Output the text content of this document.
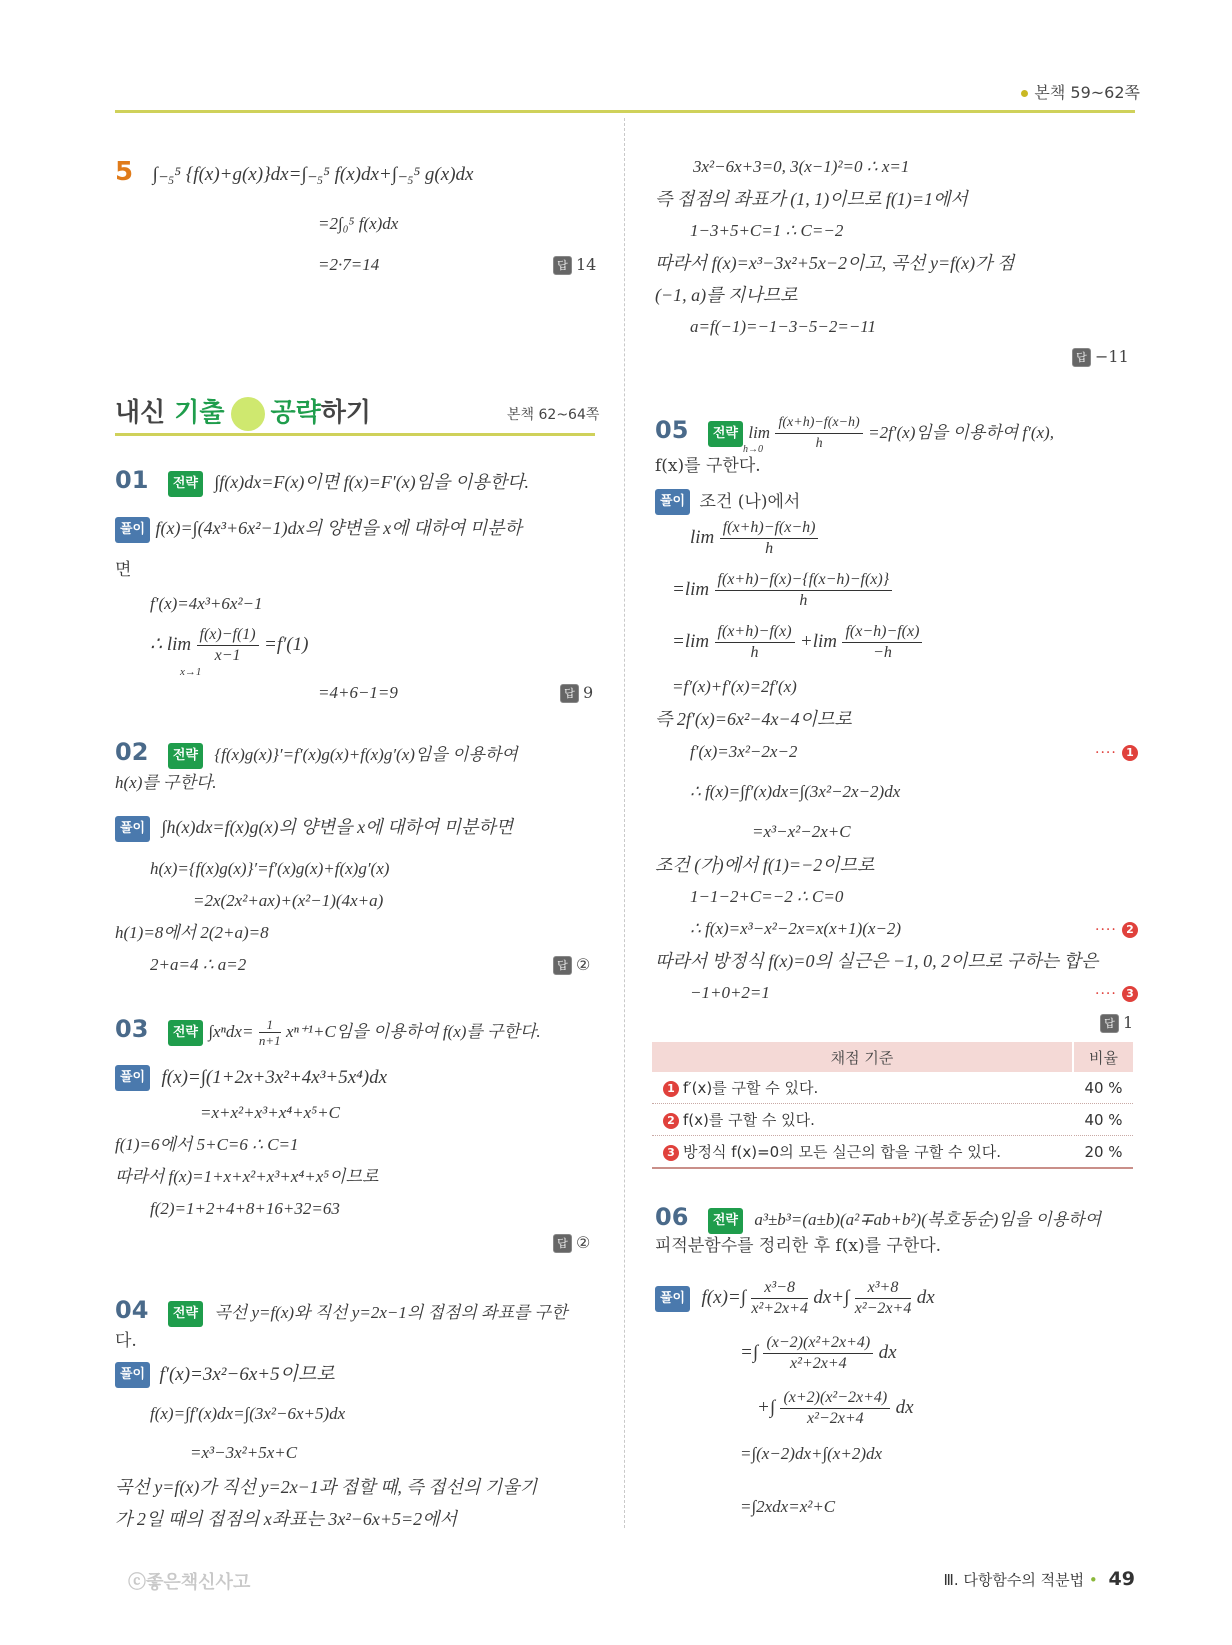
본책 59~62쪽
5 ∫₋₅⁵ {f(x)+g(x)}dx=∫₋₅⁵ f(x)dx+∫₋₅⁵ g(x)dx
=2∫₀⁵ f(x)dx
=2·7=14	답 14
내신 기출 공략하기	본책 62~64쪽
01 전략 ∫f(x)dx=F(x)이면 f(x)=F′(x)임을 이용한다.
풀이 f(x)=∫(4x³+6x²−1)dx의 양변을 x에 대하여 미분하
면
f′(x)=4x³+6x²−1
∴ $\lim \frac{f(x)-f(1)}{x-1} =f'(1)$
x→1
=4+6−1=9	답 9
02 전략 {f(x)g(x)}′=f′(x)g(x)+f(x)g′(x)임을 이용하여
h(x)를 구한다.
풀이 ∫h(x)dx=f(x)g(x)의 양변을 x에 대하여 미분하면
h(x)={f(x)g(x)}′=f′(x)g(x)+f(x)g′(x)
=2x(2x²+ax)+(x²−1)(4x+a)
h(1)=8에서 2(2+a)=8
2+a=4 ∴ a=2	답 ②
03 전략 $\int x^ndx= \frac{1}{n+1} x^{n+1}+C$임을 이용하여 f(x)를 구한다.
풀이 f(x)=∫(1+2x+3x²+4x³+5x⁴)dx
=x+x²+x³+x⁴+x⁵+C
f(1)=6에서 5+C=6 ∴ C=1
따라서 f(x)=1+x+x²+x³+x⁴+x⁵이므로
f(2)=1+2+4+8+16+32=63
답 ②
04 전략 곡선 y=f(x)와 직선 y=2x−1의 접점의 좌표를 구한
다.
풀이 f′(x)=3x²−6x+5이므로
f(x)=∫f′(x)dx=∫(3x²−6x+5)dx
=x³−3x²+5x+C
곡선 y=f(x)가 직선 y=2x−1과 접할 때, 즉 접선의 기울기
가 2일 때의 접점의 x좌표는 3x²−6x+5=2에서
3x²−6x+3=0, 3(x−1)²=0 ∴ x=1
즉 접점의 좌표가 (1, 1)이므로 f(1)=1에서
1−3+5+C=1 ∴ C=−2
따라서 f(x)=x³−3x²+5x−2이고, 곡선 y=f(x)가 점
(−1, a)를 지나므로
a=f(−1)=−1−3−5−2=−11
답 −11
05 전략 $\lim \frac{f(x+h)-f(x-h)}{h} =2f'(x)$임을 이용하여 f′(x),
h→0
f(x)를 구한다.
풀이 조건 (나)에서
$\lim \frac{f(x+h)-f(x-h)}{h}$
$=\lim \frac{f(x+h)-f(x)-\{f(x-h)-f(x)\}}{h}$
$=\lim \frac{f(x+h)-f(x)}{h} +\lim \frac{f(x-h)-f(x)}{-h}$
=f′(x)+f′(x)=2f′(x)
즉 2f′(x)=6x²−4x−4이므로
f′(x)=3x²−2x−2	···· 1
∴ f(x)=∫f′(x)dx=∫(3x²−2x−2)dx
=x³−x²−2x+C
조건 (가)에서 f(1)=−2이므로
1−1−2+C=−2 ∴ C=0
∴ f(x)=x³−x²−2x=x(x+1)(x−2)	···· 2
따라서 방정식 f(x)=0의 실근은 −1, 0, 2이므로 구하는 합은
−1+0+2=1	···· 3
답 1
채점 기준	비율
1 f′(x)를 구할 수 있다.	40 %
2 f(x)를 구할 수 있다.	40 %
3 방정식 f(x)=0의 모든 실근의 합을 구할 수 있다.	20 %
06 전략 a³±b³=(a±b)(a²∓ab+b²)(복호동순)임을 이용하여
피적분함수를 정리한 후 f(x)를 구한다.
풀이 $f(x)=\int \frac{\text{x³−8}}{\text{x²+2x+4}} dx+\int \frac{\text{x³+8}}{\text{x²−2x+4}}$ dx
=∫ $\frac{\text{(x−2)(x²+2x+4)}}{\text{x²+2x+4}}$ dx
+∫ $\frac{\text{(x+2)(x²−2x+4)}}{\text{x²−2x+4}}$ dx
=∫(x−2)dx+∫(x+2)dx
=∫2xdx=x²+C
ⓒ좋은책신사고	Ⅲ. 다항함수의 적분법 • 49
